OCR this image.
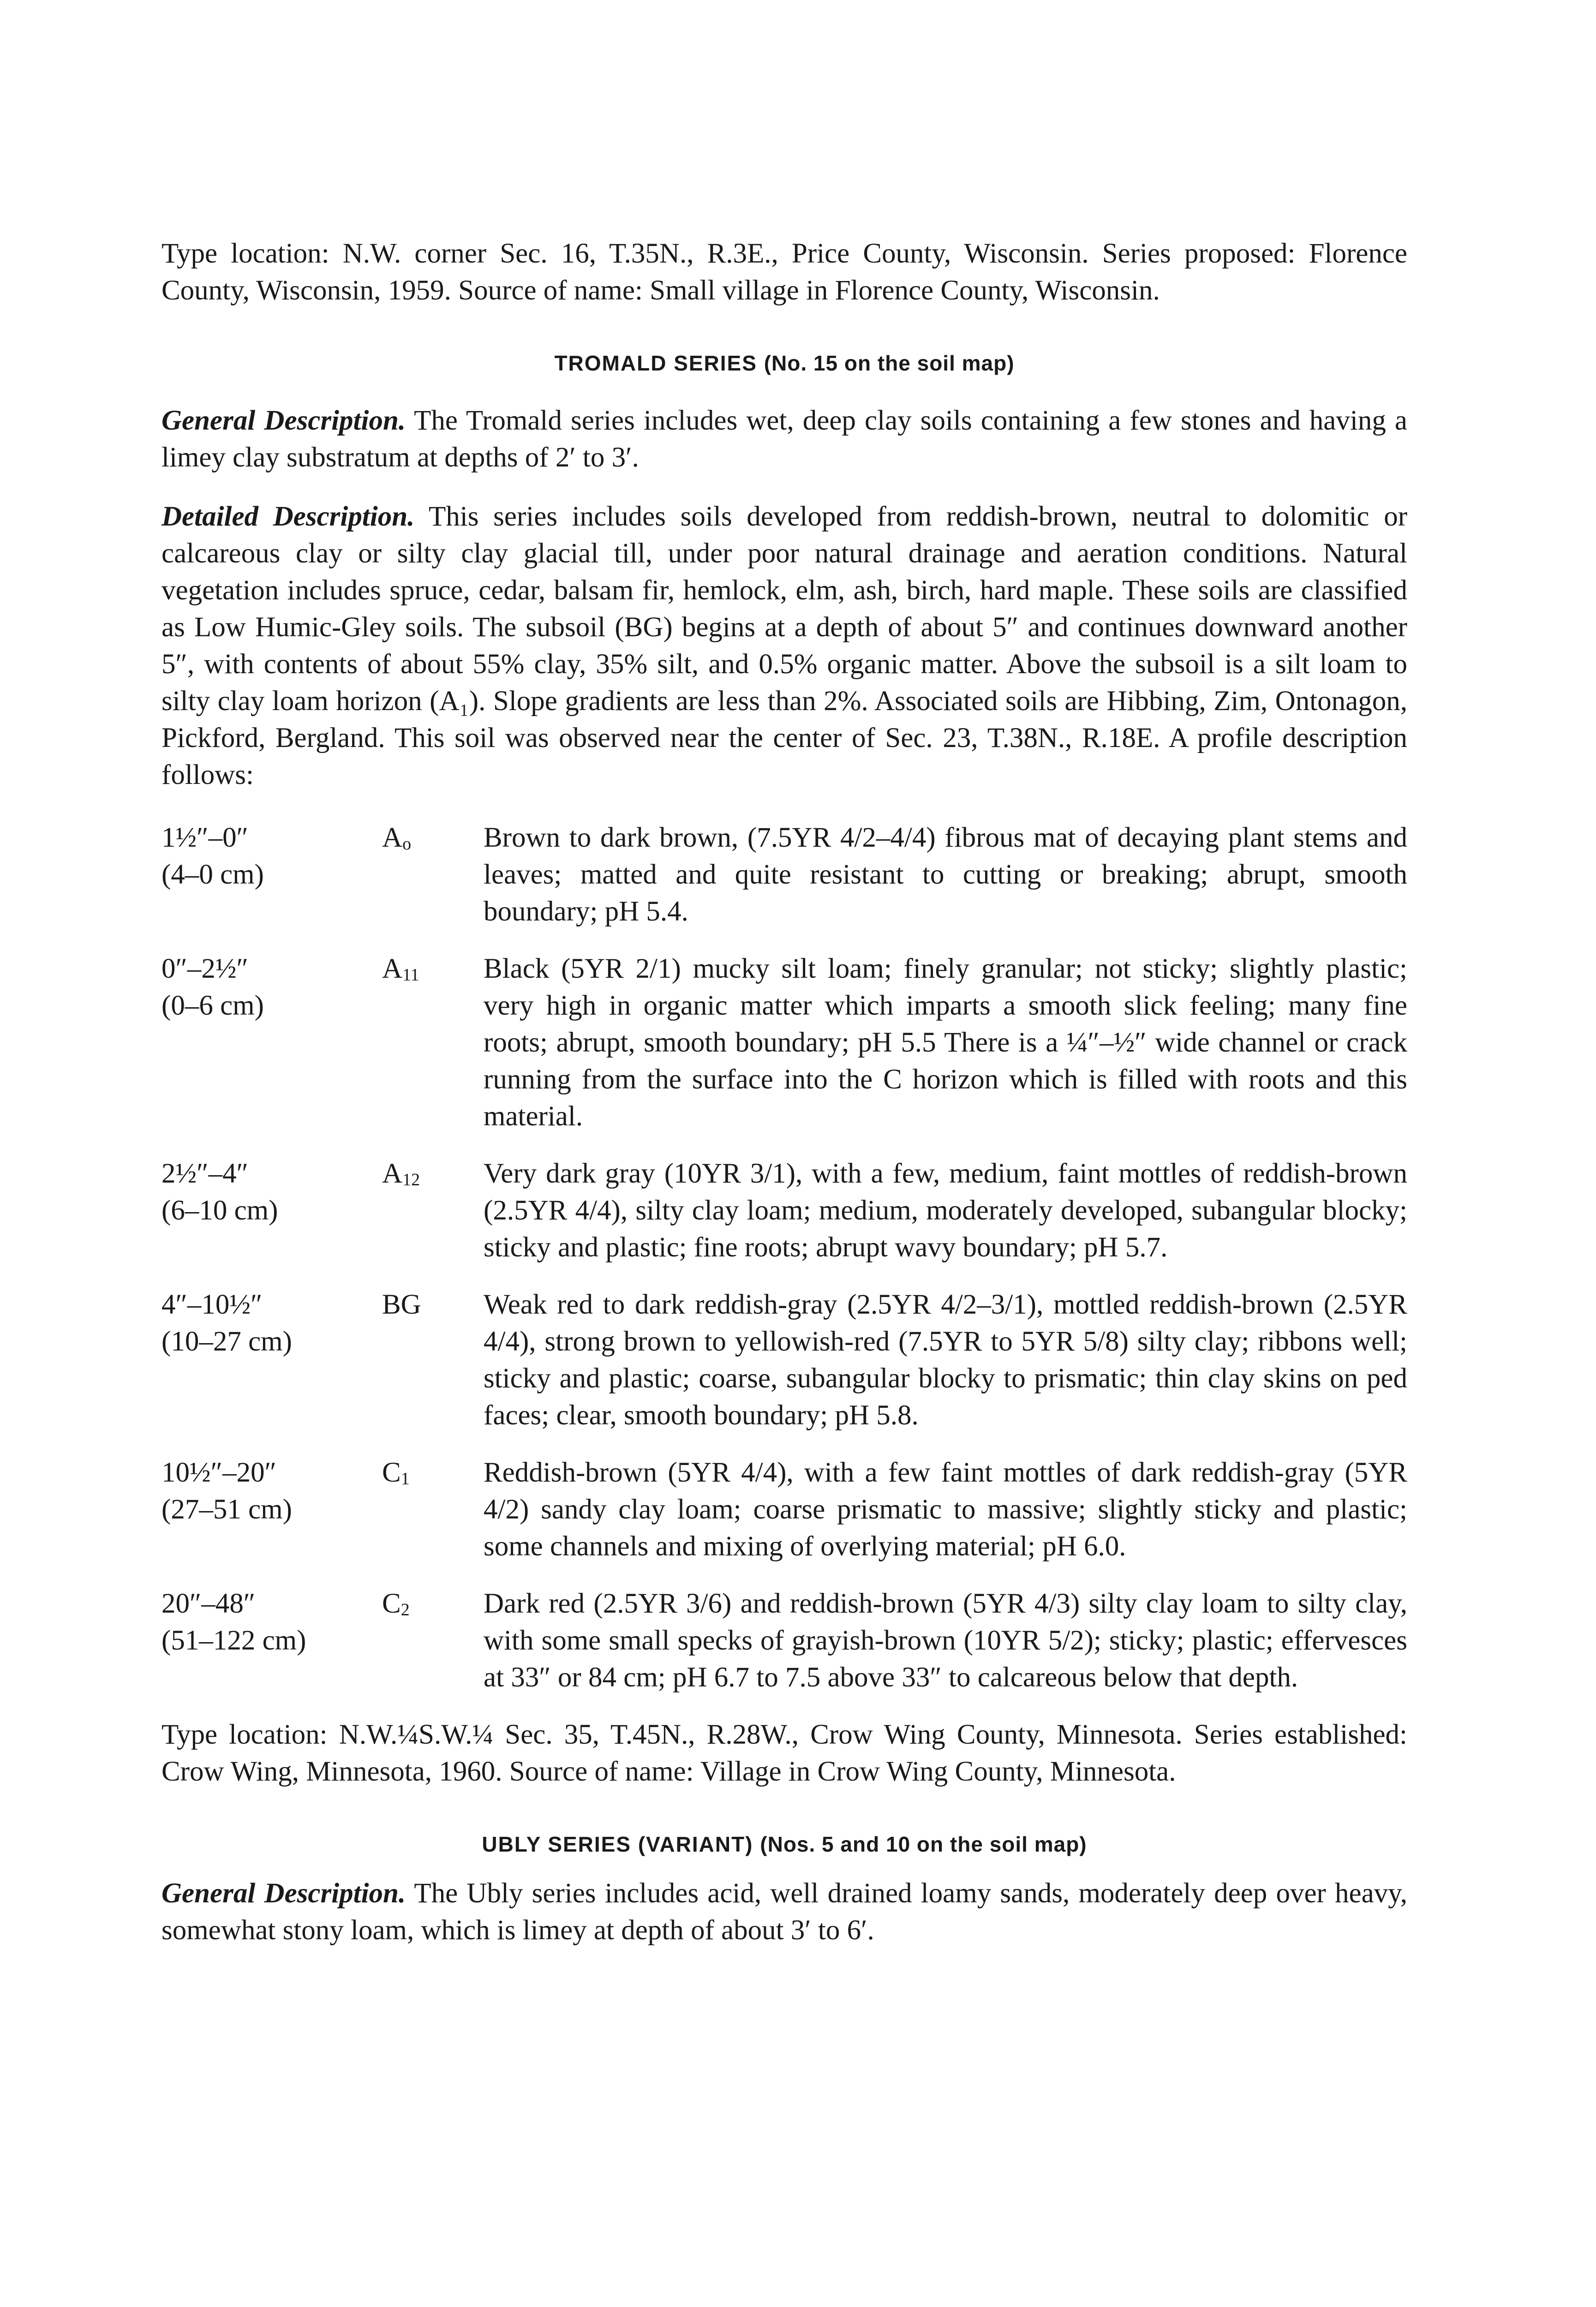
Type location: N.W. corner Sec. 16, T.35N., R.3E., Price County, Wisconsin. Series proposed: Florence County, Wisconsin, 1959. Source of name: Small village in Florence County, Wisconsin.

TROMALD SERIES (No. 15 on the soil map)

General Description. The Tromald series includes wet, deep clay soils containing a few stones and having a limey clay substratum at depths of 2′ to 3′.

Detailed Description. This series includes soils developed from reddish-brown, neutral to dolomitic or calcareous clay or silty clay glacial till, under poor natural drainage and aeration conditions. Natural vegetation includes spruce, cedar, balsam fir, hemlock, elm, ash, birch, hard maple. These soils are classified as Low Humic-Gley soils. The subsoil (BG) begins at a depth of about 5″ and continues downward another 5″, with contents of about 55% clay, 35% silt, and 0.5% organic matter. Above the subsoil is a silt loam to silty clay loam horizon (A₁). Slope gradients are less than 2%. Associated soils are Hibbing, Zim, Ontonagon, Pickford, Bergland. This soil was observed near the center of Sec. 23, T.38N., R.18E. A profile description follows:

1½″–0″
(4–0 cm)
$A_o$	Brown to dark brown, (7.5YR 4/2–4/4) fibrous mat of decaying plant stems and leaves; matted and quite resistant to cutting or breaking; abrupt, smooth boundary; pH 5.4.
0″–2½″
(0–6 cm)
$A_{11}$	Black (5YR 2/1) mucky silt loam; finely granular; not sticky; slightly plastic; very high in organic matter which imparts a smooth slick feeling; many fine roots; abrupt, smooth boundary; pH 5.5 There is a ¼″–½″ wide channel or crack running from the surface into the C horizon which is filled with roots and this material.
2½″–4″
(6–10 cm)
$A_{12}$	Very dark gray (10YR 3/1), with a few, medium, faint mottles of reddish-brown (2.5YR 4/4), silty clay loam; medium, moderately developed, subangular blocky; sticky and plastic; fine roots; abrupt wavy boundary; pH 5.7.
4″–10½″
(10–27 cm)
BG	Weak red to dark reddish-gray (2.5YR 4/2–3/1), mottled reddish-brown (2.5YR 4/4), strong brown to yellowish-red (7.5YR to 5YR 5/8) silty clay; ribbons well; sticky and plastic; coarse, subangular blocky to prismatic; thin clay skins on ped faces; clear, smooth boundary; pH 5.8.
10½″–20″
(27–51 cm)
$C_1$	Reddish-brown (5YR 4/4), with a few faint mottles of dark reddish-gray (5YR 4/2) sandy clay loam; coarse prismatic to massive; slightly sticky and plastic; some channels and mixing of overlying material; pH 6.0.
20″–48″
(51–122 cm)
$C_2$	Dark red (2.5YR 3/6) and reddish-brown (5YR 4/3) silty clay loam to silty clay, with some small specks of grayish-brown (10YR 5/2); sticky; plastic; effervesces at 33″ or 84 cm; pH 6.7 to 7.5 above 33″ to calcareous below that depth.

Type location: N.W.¼S.W.¼ Sec. 35, T.45N., R.28W., Crow Wing County, Minnesota. Series established: Crow Wing, Minnesota, 1960. Source of name: Village in Crow Wing County, Minnesota.

UBLY SERIES (VARIANT) (Nos. 5 and 10 on the soil map)

General Description. The Ubly series includes acid, well drained loamy sands, moderately deep over heavy, somewhat stony loam, which is limey at depth of about 3′ to 6′.
